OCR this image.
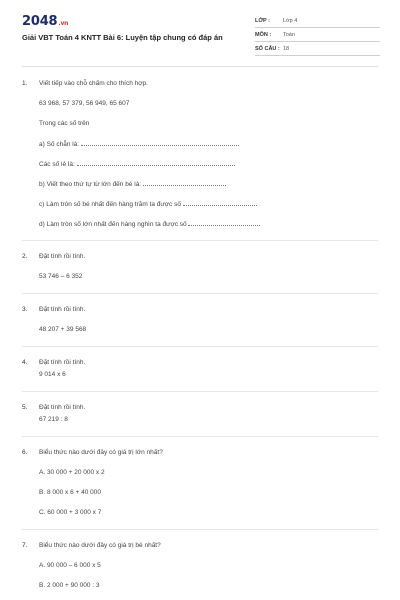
2048.vn
Giải VBT Toán 4 KNTT Bài 6: Luyện tập chung có đáp án
LỚP : Lớp 4
MÔN : Toán
SỐ CÂU : 18
1. Viết tiếp vào chỗ chấm cho thích hợp.
63 968, 57 379, 56 949, 65 607
Trong các số trên
a) Số chẵn là:
Các số lẻ là:
b) Viết theo thứ tự từ lớn đến bé là:
c) Làm tròn số bé nhất đến hàng trăm ta được số
d) Làm tròn số lớn nhất đến hàng nghìn ta được số
2. Đặt tính rồi tính.
53 746 – 6 352
3. Đặt tính rồi tính.
48 207 + 39 568
4. Đặt tính rồi tính.
9 014 x 6
5. Đặt tính rồi tính.
67 219 : 8
6. Biểu thức nào dưới đây có giá trị lớn nhất?
A. 30 000 + 20 000 x 2
B. 8 000 x 6 + 40 000
C. 60 000 + 3 000 x 7
7. Biểu thức nào dưới đây có giá trị bé nhất?
A. 90 000 – 6 000 x 5
B. 2 000 + 90 000 : 3
